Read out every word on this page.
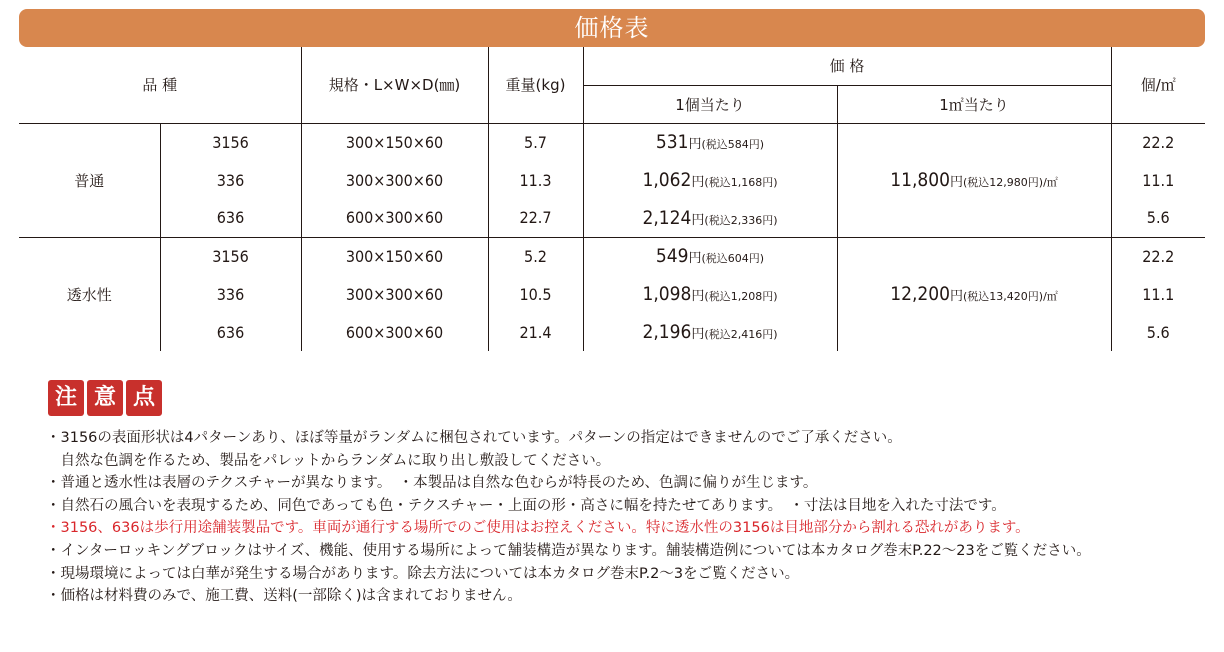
価格表
品 種		規格・L×W×D(㎜)	重量(kg)	価 格		個/㎡
				1個当たり	1㎡当たり	
普通	3156	300×150×60	5.7	531円(税込584円)	11,800円(税込12,980円)/㎡	22.2
	336	300×300×60	11.3	1,062円(税込1,168円)		11.1
	636	600×300×60	22.7	2,124円(税込2,336円)		5.6
透水性	3156	300×150×60	5.2	549円(税込604円)	12,200円(税込13,420円)/㎡	22.2
	336	300×300×60	10.5	1,098円(税込1,208円)		11.1
	636	600×300×60	21.4	2,196円(税込2,416円)		5.6
注 意 点
・3156の表面形状は4パターンあり、ほぼ等量がランダムに梱包されています。パターンの指定はできませんのでご了承ください。
　自然な色調を作るため、製品をパレットからランダムに取り出し敷設してください。
・普通と透水性は表層のテクスチャーが異なります。　・本製品は自然な色むらが特長のため、色調に偏りが生じます。
・自然石の風合いを表現するため、同色であっても色・テクスチャー・上面の形・高さに幅を持たせてあります。　・寸法は目地を入れた寸法です。
・3156、636は歩行用途舗装製品です。車両が通行する場所でのご使用はお控えください。特に透水性の3156は目地部分から割れる恐れがあります。
・インターロッキングブロックはサイズ、機能、使用する場所によって舗装構造が異なります。舗装構造例については本カタログ巻末P.22〜23をご覧ください。
・現場環境によっては白華が発生する場合があります。除去方法については本カタログ巻末P.2〜3をご覧ください。
・価格は材料費のみで、施工費、送料(一部除く)は含まれておりません。
